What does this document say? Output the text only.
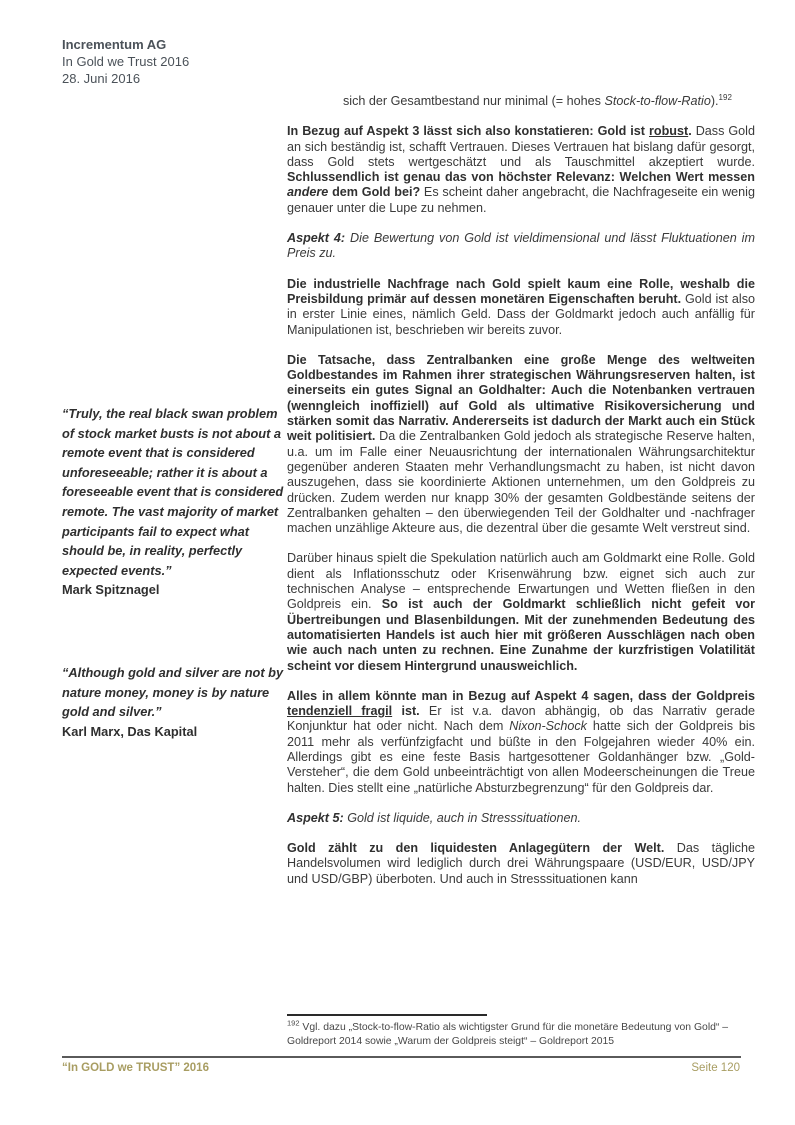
Incrementum AG
In Gold we Trust 2016
28. Juni 2016
“Truly, the real black swan problem of stock market busts is not about a remote event that is considered unforeseeable; rather it is about a foreseeable event that is considered remote. The vast majority of market participants fail to expect what should be, in reality, perfectly expected events.”
Mark Spitznagel
“Although gold and silver are not by nature money, money is by nature gold and silver.”
Karl Marx, Das Kapital

sich der Gesamtbestand nur minimal (= hohes Stock-to-flow-Ratio).$^{192}$

In Bezug auf Aspekt 3 lässt sich also konstatieren: Gold ist robust. Dass Gold an sich beständig ist, schafft Vertrauen. Dieses Vertrauen hat bislang dafür gesorgt, dass Gold stets wertgeschätzt und als Tauschmittel akzeptiert wurde. Schlussendlich ist genau das von höchster Relevanz: Welchen Wert messen andere dem Gold bei? Es scheint daher angebracht, die Nachfrageseite ein wenig genauer unter die Lupe zu nehmen.

Aspekt 4: Die Bewertung von Gold ist vieldimensional und lässt Fluktuationen im Preis zu.

Die industrielle Nachfrage nach Gold spielt kaum eine Rolle, weshalb die Preisbildung primär auf dessen monetären Eigenschaften beruht. Gold ist also in erster Linie eines, nämlich Geld. Dass der Goldmarkt jedoch auch anfällig für Manipulationen ist, beschrieben wir bereits zuvor.

Die Tatsache, dass Zentralbanken eine große Menge des weltweiten Goldbestandes im Rahmen ihrer strategischen Währungsreserven halten, ist einerseits ein gutes Signal an Goldhalter: Auch die Notenbanken vertrauen (wenngleich inoffiziell) auf Gold als ultimative Risikoversicherung und stärken somit das Narrativ. Andererseits ist dadurch der Markt auch ein Stück weit politisiert. Da die Zentralbanken Gold jedoch als strategische Reserve halten, u.a. um im Falle einer Neuausrichtung der internationalen Währungsarchitektur gegenüber anderen Staaten mehr Verhandlungsmacht zu haben, ist nicht davon auszugehen, dass sie koordinierte Aktionen unternehmen, um den Goldpreis zu drücken. Zudem werden nur knapp 30% der gesamten Goldbestände seitens der Zentralbanken gehalten – den überwiegenden Teil der Goldhalter und -nachfrager machen unzählige Akteure aus, die dezentral über die gesamte Welt verstreut sind.

Darüber hinaus spielt die Spekulation natürlich auch am Goldmarkt eine Rolle. Gold dient als Inflationsschutz oder Krisenwährung bzw. eignet sich auch zur technischen Analyse – entsprechende Erwartungen und Wetten fließen in den Goldpreis ein. So ist auch der Goldmarkt schließlich nicht gefeit vor Übertreibungen und Blasenbildungen. Mit der zunehmenden Bedeutung des automatisierten Handels ist auch hier mit größeren Ausschlägen nach oben wie auch nach unten zu rechnen. Eine Zunahme der kurzfristigen Volatilität scheint vor diesem Hintergrund unausweichlich.

Alles in allem könnte man in Bezug auf Aspekt 4 sagen, dass der Goldpreis tendenziell fragil ist. Er ist v.a. davon abhängig, ob das Narrativ gerade Konjunktur hat oder nicht. Nach dem Nixon-Schock hatte sich der Goldpreis bis 2011 mehr als verfünfzigfacht und büßte in den Folgejahren wieder 40% ein. Allerdings gibt es eine feste Basis hartgesottener Goldanhänger bzw. „Gold-Versteher“, die dem Gold unbeeinträchtigt von allen Modeerscheinungen die Treue halten. Dies stellt eine „natürliche Absturzbegrenzung“ für den Goldpreis dar.

Aspekt 5: Gold ist liquide, auch in Stresssituationen.

Gold zählt zu den liquidesten Anlagegütern der Welt. Das tägliche Handelsvolumen wird lediglich durch drei Währungspaare (USD/EUR, USD/JPY und USD/GBP) überboten. Und auch in Stresssituationen kann

$^{192}$ Vgl. dazu „Stock-to-flow-Ratio als wichtigster Grund für die monetäre Bedeutung von Gold“ – Goldreport 2014 sowie „Warum der Goldpreis steigt“ – Goldreport 2015
“In GOLD we TRUST” 2016	Seite 120
